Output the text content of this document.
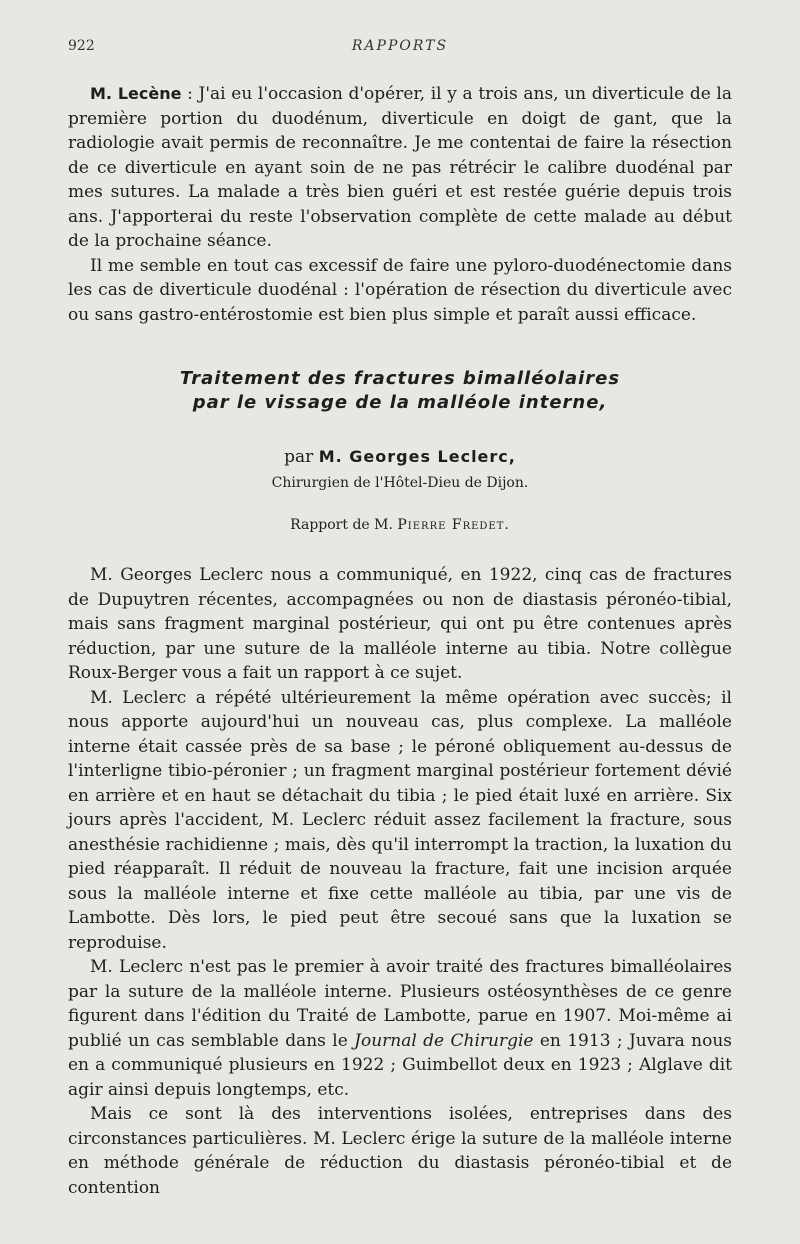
922	RAPPORTS

M. Lecène : J'ai eu l'occasion d'opérer, il y a trois ans, un diverticule de la première portion du duodénum, diverticule en doigt de gant, que la radiologie avait permis de reconnaître. Je me contentai de faire la résection de ce diverticule en ayant soin de ne pas rétrécir le calibre duodénal par mes sutures. La malade a très bien guéri et est restée guérie depuis trois ans. J'apporterai du reste l'observation complète de cette malade au début de la prochaine séance.

Il me semble en tout cas excessif de faire une pyloro-duodénectomie dans les cas de diverticule duodénal : l'opération de résection du diverticule avec ou sans gastro-entérostomie est bien plus simple et paraît aussi efficace.

Traitement des fractures bimalléolaires
par le vissage de la malléole interne,

par M. Georges Leclerc,

Chirurgien de l'Hôtel-Dieu de Dijon.

Rapport de M. Pierre Fredet.

M. Georges Leclerc nous a communiqué, en 1922, cinq cas de fractures de Dupuytren récentes, accompagnées ou non de diastasis péronéo-tibial, mais sans fragment marginal postérieur, qui ont pu être contenues après réduction, par une suture de la malléole interne au tibia. Notre collègue Roux-Berger vous a fait un rapport à ce sujet.

M. Leclerc a répété ultérieurement la même opération avec succès; il nous apporte aujourd'hui un nouveau cas, plus complexe. La malléole interne était cassée près de sa base ; le péroné obliquement au-dessus de l'interligne tibio-péronier ; un fragment marginal postérieur fortement dévié en arrière et en haut se détachait du tibia ; le pied était luxé en arrière. Six jours après l'accident, M. Leclerc réduit assez facilement la fracture, sous anesthésie rachidienne ; mais, dès qu'il interrompt la traction, la luxation du pied réapparaît. Il réduit de nouveau la fracture, fait une incision arquée sous la malléole interne et fixe cette malléole au tibia, par une vis de Lambotte. Dès lors, le pied peut être secoué sans que la luxation se reproduise.

M. Leclerc n'est pas le premier à avoir traité des fractures bimalléolaires par la suture de la malléole interne. Plusieurs ostéosynthèses de ce genre figurent dans l'édition du Traité de Lambotte, parue en 1907. Moi-même ai publié un cas semblable dans le Journal de Chirurgie en 1913 ; Juvara nous en a communiqué plusieurs en 1922 ; Guimbellot deux en 1923 ; Alglave dit agir ainsi depuis longtemps, etc.

Mais ce sont là des interventions isolées, entreprises dans des circonstances particulières. M. Leclerc érige la suture de la malléole interne en méthode générale de réduction du diastasis péronéo-tibial et de contention
